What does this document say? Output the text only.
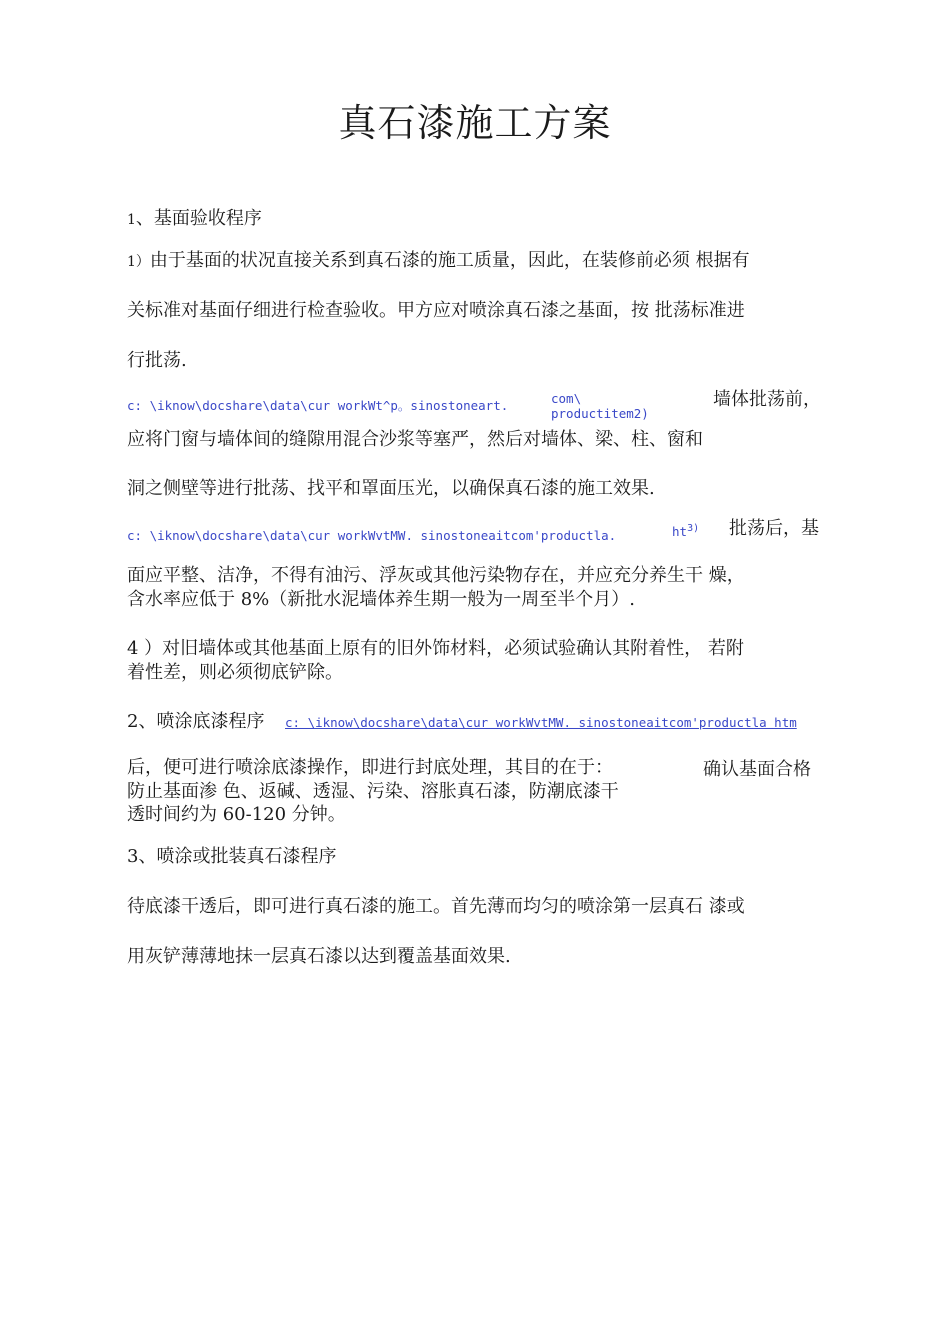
真石漆施工方案
1、基面验收程序
1）由于基面的状况直接关系到真石漆的施工质量，因此，在装修前必须 根据有
关标准对基面仔细进行检查验收。甲方应对喷涂真石漆之基面，按 批荡标准进
行批荡.
c: \iknow\docshare\data\cur workWt^p。sinostoneart.	com\
productitem2)
墙体批荡前，
应将门窗与墙体间的缝隙用混合沙浆等塞严，然后对墙体、梁、柱、窗和
洞之侧壁等进行批荡、找平和罩面压光，以确保真石漆的施工效果.
c: \iknow\docshare\data\cur workWvtMW. sinostoneaitcom'productla.	$ht^{3)}$ 批荡后，基
面应平整、洁净，不得有油污、浮灰或其他污染物存在，并应充分养生干 燥，
含水率应低于 8%（新批水泥墙体养生期一般为一周至半个月）.
4 ）对旧墙体或其他基面上原有的旧外饰材料，必须试验确认其附着性， 若附
着性差，则必须彻底铲除。
2、喷涂底漆程序 c: \iknow\docshare\data\cur workWvtMW. sinostoneaitcom'productla htm
后，便可进行喷涂底漆操作，即进行封底处理，其目的在于：	确认基面合格
防止基面渗 色、返碱、透湿、污染、溶胀真石漆，防潮底漆干
透时间约为 60-120 分钟。
3、喷涂或批装真石漆程序
待底漆干透后，即可进行真石漆的施工。首先薄而均匀的喷涂第一层真石 漆或
用灰铲薄薄地抹一层真石漆以达到覆盖基面效果.
